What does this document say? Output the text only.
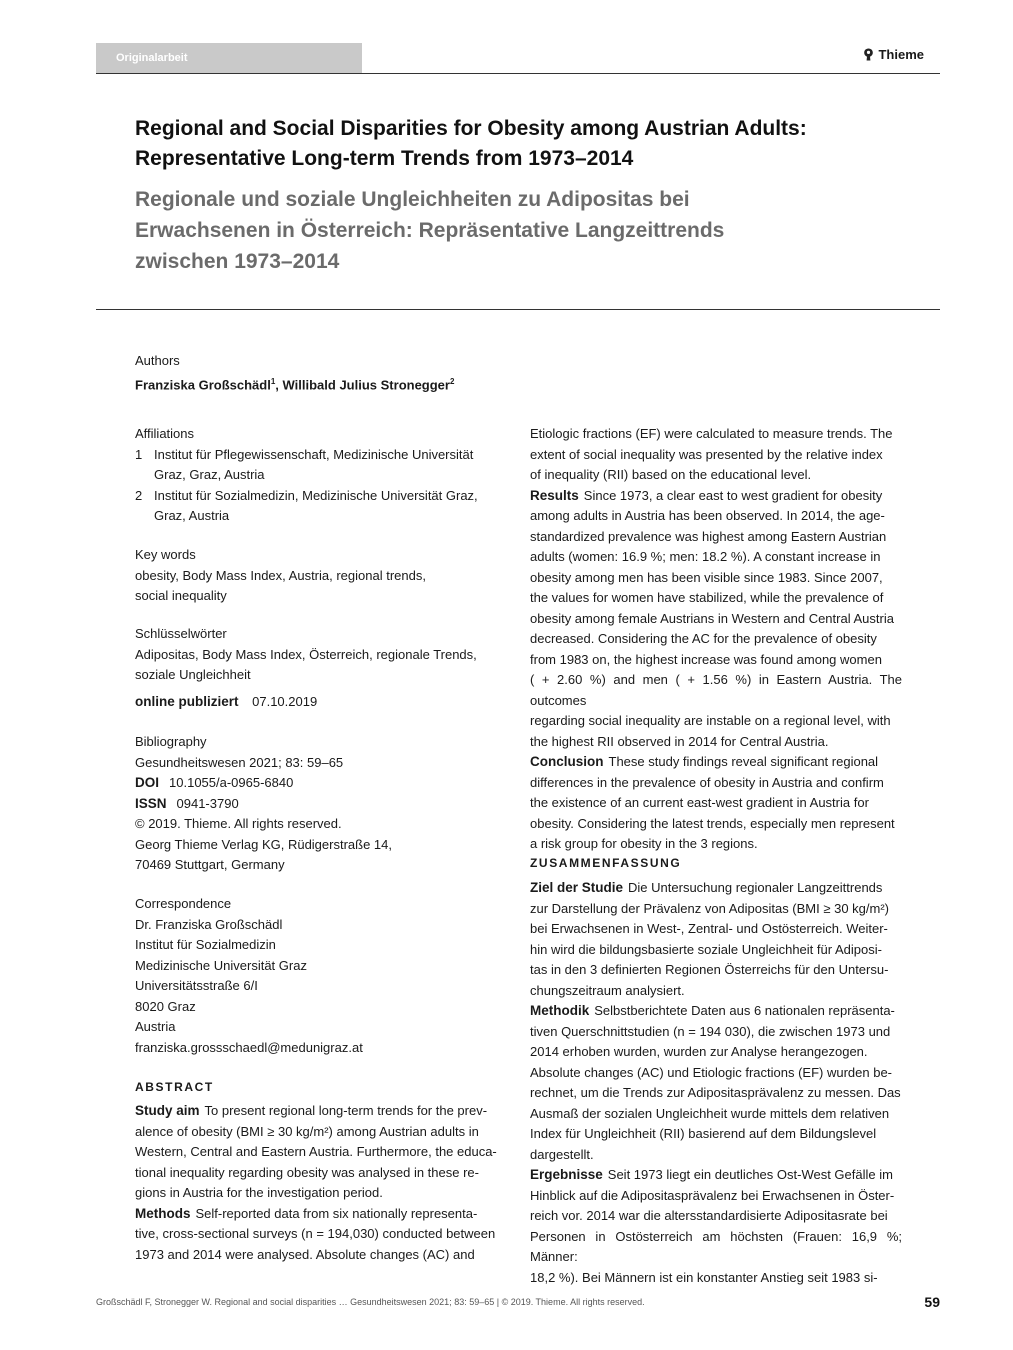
Originalarbeit	Thieme
Regional and Social Disparities for Obesity among Austrian Adults:
Representative Long-term Trends from 1973–2014
Regionale und soziale Ungleichheiten zu Adipositas bei
Erwachsenen in Österreich: Repräsentative Langzeittrends
zwischen 1973–2014
Authors
Franziska Großschädl$^1$, Willibald Julius Stronegger$^2$
Affiliations
1 Institut für Pflegewissenschaft, Medizinische Universität
Graz, Graz, Austria
2 Institut für Sozialmedizin, Medizinische Universität Graz,
Graz, Austria
Key words
obesity, Body Mass Index, Austria, regional trends,
social inequality
Schlüsselwörter
Adipositas, Body Mass Index, Österreich, regionale Trends,
soziale Ungleichheit
online publiziert 07.10.2019
Bibliography
Gesundheitswesen 2021; 83: 59–65
DOI 10.1055/a-0965-6840
ISSN 0941-3790
© 2019. Thieme. All rights reserved.
Georg Thieme Verlag KG, Rüdigerstraße 14,
70469 Stuttgart, Germany
Correspondence
Dr. Franziska Großschädl
Institut für Sozialmedizin
Medizinische Universität Graz
Universitätsstraße 6/I
8020 Graz
Austria
franziska.grossschaedl@medunigraz.at
ABSTRACT
Study aim To present regional long-term trends for the prev-
alence of obesity (BMI ≥ 30 kg/m²) among Austrian adults in
Western, Central and Eastern Austria. Furthermore, the educa-
tional inequality regarding obesity was analysed in these re-
gions in Austria for the investigation period.
Methods Self-reported data from six nationally representa-
tive, cross-sectional surveys (n = 194,030) conducted between
1973 and 2014 were analysed. Absolute changes (AC) and
Etiologic fractions (EF) were calculated to measure trends. The
extent of social inequality was presented by the relative index
of inequality (RII) based on the educational level.
Results Since 1973, a clear east to west gradient for obesity
among adults in Austria has been observed. In 2014, the age-
standardized prevalence was highest among Eastern Austrian
adults (women: 16.9 %; men: 18.2 %). A constant increase in
obesity among men has been visible since 1983. Since 2007,
the values for women have stabilized, while the prevalence of
obesity among female Austrians in Western and Central Austria
decreased. Considering the AC for the prevalence of obesity
from 1983 on, the highest increase was found among women
( + 2.60 %) and men ( + 1.56 %) in Eastern Austria. The outcomes
regarding social inequality are instable on a regional level, with
the highest RII observed in 2014 for Central Austria.
Conclusion These study findings reveal significant regional
differences in the prevalence of obesity in Austria and confirm
the existence of an current east-west gradient in Austria for
obesity. Considering the latest trends, especially men represent
a risk group for obesity in the 3 regions.
ZUSAMMENFASSUNG
Ziel der Studie Die Untersuchung regionaler Langzeittrends
zur Darstellung der Prävalenz von Adipositas (BMI ≥ 30 kg/m²)
bei Erwachsenen in West-, Zentral- und Ostösterreich. Weiter-
hin wird die bildungsbasierte soziale Ungleichheit für Adiposi-
tas in den 3 definierten Regionen Österreichs für den Untersu-
chungszeitraum analysiert.
Methodik Selbstberichtete Daten aus 6 nationalen repräsenta-
tiven Querschnittstudien (n = 194 030), die zwischen 1973 und
2014 erhoben wurden, wurden zur Analyse herangezogen.
Absolute changes (AC) und Etiologic fractions (EF) wurden be-
rechnet, um die Trends zur Adipositasprävalenz zu messen. Das
Ausmaß der sozialen Ungleichheit wurde mittels dem relativen
Index für Ungleichheit (RII) basierend auf dem Bildungslevel
dargestellt.
Ergebnisse Seit 1973 liegt ein deutliches Ost-West Gefälle im
Hinblick auf die Adipositasprävalenz bei Erwachsenen in Öster-
reich vor. 2014 war die altersstandardisierte Adipositasrate bei
Personen in Ostösterreich am höchsten (Frauen: 16,9 %; Männer:
18,2 %). Bei Männern ist ein konstanter Anstieg seit 1983 si-
Großschädl F, Stronegger W. Regional and social disparities … Gesundheitswesen 2021; 83: 59–65 | © 2019. Thieme. All rights reserved.	59
